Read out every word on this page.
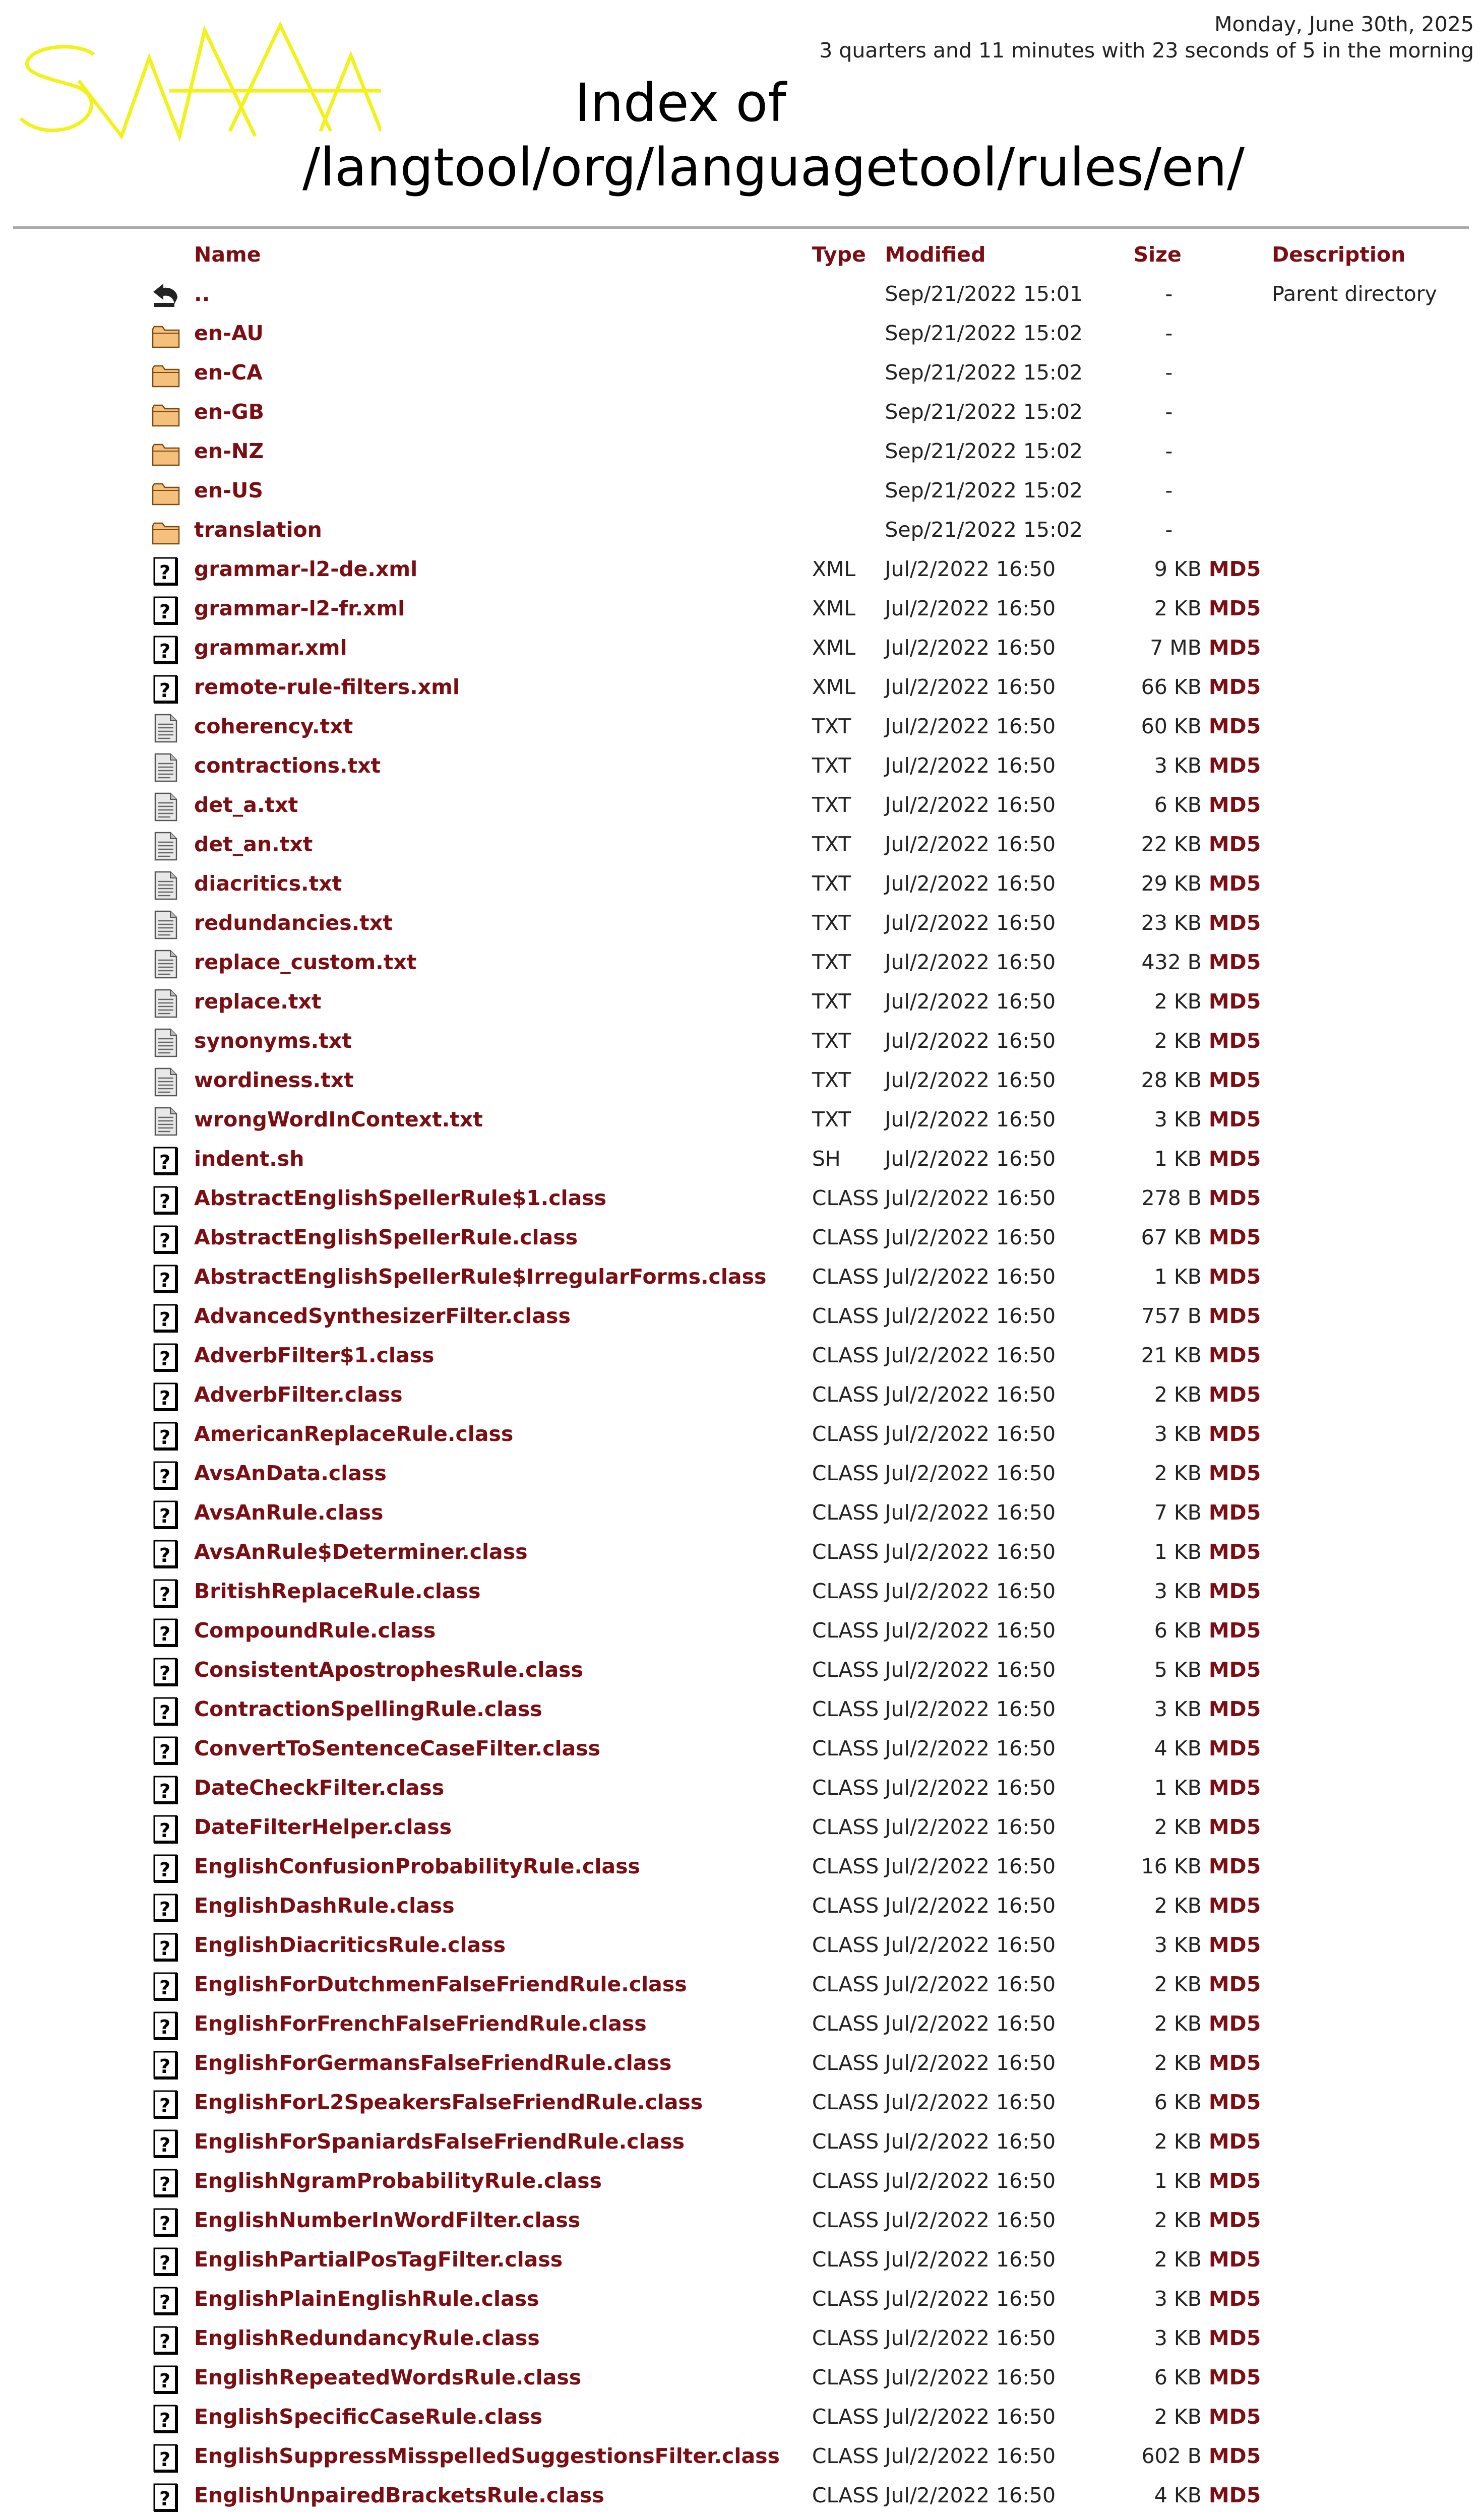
Monday, June 30th, 2025
3 quarters and 11 minutes with 23 seconds of 5 in the morning
Index of
/langtool/org/languagetool/rules/en/
	Name	Type	Modified	Size		Description

	..		Sep/21/2022 15:01	-		Parent directory

	en-AU		Sep/21/2022 15:02	-		

	en-CA		Sep/21/2022 15:02	-		

	en-GB		Sep/21/2022 15:02	-		

	en-NZ		Sep/21/2022 15:02	-		

	en-US		Sep/21/2022 15:02	-		

	translation		Sep/21/2022 15:02	-		

?	grammar-l2-de.xml	XML	Jul/2/2022 16:50	9 KB	MD5	

?	grammar-l2-fr.xml	XML	Jul/2/2022 16:50	2 KB	MD5	

?	grammar.xml	XML	Jul/2/2022 16:50	7 MB	MD5	

?	remote-rule-filters.xml	XML	Jul/2/2022 16:50	66 KB	MD5	

	coherency.txt	TXT	Jul/2/2022 16:50	60 KB	MD5	

	contractions.txt	TXT	Jul/2/2022 16:50	3 KB	MD5	

	det_a.txt	TXT	Jul/2/2022 16:50	6 KB	MD5	

	det_an.txt	TXT	Jul/2/2022 16:50	22 KB	MD5	

	diacritics.txt	TXT	Jul/2/2022 16:50	29 KB	MD5	

	redundancies.txt	TXT	Jul/2/2022 16:50	23 KB	MD5	

	replace_custom.txt	TXT	Jul/2/2022 16:50	432 B	MD5	

	replace.txt	TXT	Jul/2/2022 16:50	2 KB	MD5	

	synonyms.txt	TXT	Jul/2/2022 16:50	2 KB	MD5	

	wordiness.txt	TXT	Jul/2/2022 16:50	28 KB	MD5	

	wrongWordInContext.txt	TXT	Jul/2/2022 16:50	3 KB	MD5	

?	indent.sh	SH	Jul/2/2022 16:50	1 KB	MD5	

?	AbstractEnglishSpellerRule$1.class	CLASS	Jul/2/2022 16:50	278 B	MD5	

?	AbstractEnglishSpellerRule.class	CLASS	Jul/2/2022 16:50	67 KB	MD5	

?	AbstractEnglishSpellerRule$IrregularForms.class	CLASS	Jul/2/2022 16:50	1 KB	MD5	

?	AdvancedSynthesizerFilter.class	CLASS	Jul/2/2022 16:50	757 B	MD5	

?	AdverbFilter$1.class	CLASS	Jul/2/2022 16:50	21 KB	MD5	

?	AdverbFilter.class	CLASS	Jul/2/2022 16:50	2 KB	MD5	

?	AmericanReplaceRule.class	CLASS	Jul/2/2022 16:50	3 KB	MD5	

?	AvsAnData.class	CLASS	Jul/2/2022 16:50	2 KB	MD5	

?	AvsAnRule.class	CLASS	Jul/2/2022 16:50	7 KB	MD5	

?	AvsAnRule$Determiner.class	CLASS	Jul/2/2022 16:50	1 KB	MD5	

?	BritishReplaceRule.class	CLASS	Jul/2/2022 16:50	3 KB	MD5	

?	CompoundRule.class	CLASS	Jul/2/2022 16:50	6 KB	MD5	

?	ConsistentApostrophesRule.class	CLASS	Jul/2/2022 16:50	5 KB	MD5	

?	ContractionSpellingRule.class	CLASS	Jul/2/2022 16:50	3 KB	MD5	

?	ConvertToSentenceCaseFilter.class	CLASS	Jul/2/2022 16:50	4 KB	MD5	

?	DateCheckFilter.class	CLASS	Jul/2/2022 16:50	1 KB	MD5	

?	DateFilterHelper.class	CLASS	Jul/2/2022 16:50	2 KB	MD5	

?	EnglishConfusionProbabilityRule.class	CLASS	Jul/2/2022 16:50	16 KB	MD5	

?	EnglishDashRule.class	CLASS	Jul/2/2022 16:50	2 KB	MD5	

?	EnglishDiacriticsRule.class	CLASS	Jul/2/2022 16:50	3 KB	MD5	

?	EnglishForDutchmenFalseFriendRule.class	CLASS	Jul/2/2022 16:50	2 KB	MD5	

?	EnglishForFrenchFalseFriendRule.class	CLASS	Jul/2/2022 16:50	2 KB	MD5	

?	EnglishForGermansFalseFriendRule.class	CLASS	Jul/2/2022 16:50	2 KB	MD5	

?	EnglishForL2SpeakersFalseFriendRule.class	CLASS	Jul/2/2022 16:50	6 KB	MD5	

?	EnglishForSpaniardsFalseFriendRule.class	CLASS	Jul/2/2022 16:50	2 KB	MD5	

?	EnglishNgramProbabilityRule.class	CLASS	Jul/2/2022 16:50	1 KB	MD5	

?	EnglishNumberInWordFilter.class	CLASS	Jul/2/2022 16:50	2 KB	MD5	

?	EnglishPartialPosTagFilter.class	CLASS	Jul/2/2022 16:50	2 KB	MD5	

?	EnglishPlainEnglishRule.class	CLASS	Jul/2/2022 16:50	3 KB	MD5	

?	EnglishRedundancyRule.class	CLASS	Jul/2/2022 16:50	3 KB	MD5	

?	EnglishRepeatedWordsRule.class	CLASS	Jul/2/2022 16:50	6 KB	MD5	

?	EnglishSpecificCaseRule.class	CLASS	Jul/2/2022 16:50	2 KB	MD5	

?	EnglishSuppressMisspelledSuggestionsFilter.class	CLASS	Jul/2/2022 16:50	602 B	MD5	

?	EnglishUnpairedBracketsRule.class	CLASS	Jul/2/2022 16:50	4 KB	MD5	
